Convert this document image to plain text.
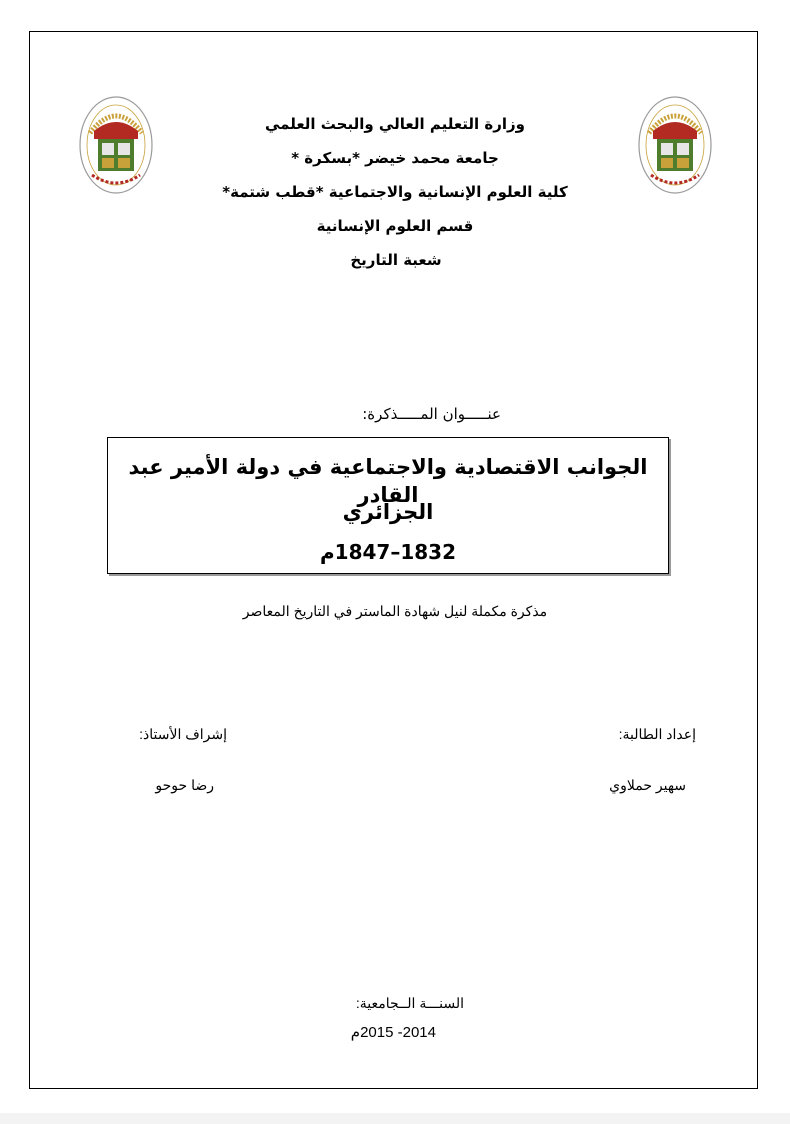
وزارة التعليم العالي والبحث العلمي
جامعة محمد خيضر *بسكرة *
كلية العلوم الإنسانية والاجتماعية *قطب شتمة*
قسم العلوم الإنسانية
شعبة التاريخ
عنـــــوان المـــــذكرة:
الجوانب الاقتصادية والاجتماعية في دولة الأمير عبد القادر
الجزائري
1832–1847م
مذكرة مكملة لنيل شهادة الماستر في التاريخ المعاصر
إعداد الطالبة:
إشراف الأستاذ:
سهير حملاوي
رضا حوحو
السنـــة الــجامعية:
2014- 2015م
